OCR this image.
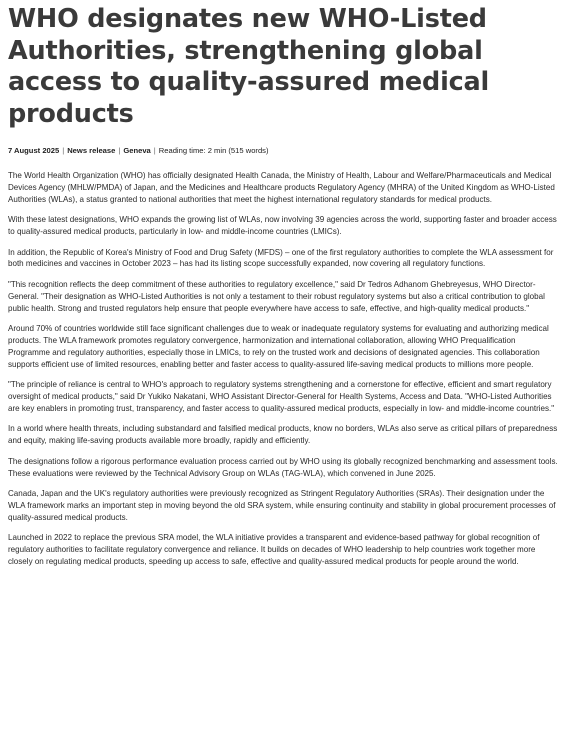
WHO designates new WHO-Listed Authorities, strengthening global access to quality-assured medical products
7 August 2025 | News release | Geneva | Reading time: 2 min (515 words)

The World Health Organization (WHO) has officially designated Health Canada, the Ministry of Health, Labour and Welfare/Pharmaceuticals and Medical Devices Agency (MHLW/PMDA) of Japan, and the Medicines and Healthcare products Regulatory Agency (MHRA) of the United Kingdom as WHO-Listed Authorities (WLAs), a status granted to national authorities that meet the highest international regulatory standards for medical products.

With these latest designations, WHO expands the growing list of WLAs, now involving 39 agencies across the world, supporting faster and broader access to quality-assured medical products, particularly in low- and middle-income countries (LMICs).

In addition, the Republic of Korea's Ministry of Food and Drug Safety (MFDS) – one of the first regulatory authorities to complete the WLA assessment for both medicines and vaccines in October 2023 – has had its listing scope successfully expanded, now covering all regulatory functions.

"This recognition reflects the deep commitment of these authorities to regulatory excellence," said Dr Tedros Adhanom Ghebreyesus, WHO Director-General. "Their designation as WHO-Listed Authorities is not only a testament to their robust regulatory systems but also a critical contribution to global public health. Strong and trusted regulators help ensure that people everywhere have access to safe, effective, and high-quality medical products."

Around 70% of countries worldwide still face significant challenges due to weak or inadequate regulatory systems for evaluating and authorizing medical products. The WLA framework promotes regulatory convergence, harmonization and international collaboration, allowing WHO Prequalification Programme and regulatory authorities, especially those in LMICs, to rely on the trusted work and decisions of designated agencies. This collaboration supports efficient use of limited resources, enabling better and faster access to quality-assured life-saving medical products to millions more people.

"The principle of reliance is central to WHO's approach to regulatory systems strengthening and a cornerstone for effective, efficient and smart regulatory oversight of medical products," said Dr Yukiko Nakatani, WHO Assistant Director-General for Health Systems, Access and Data. "WHO-Listed Authorities are key enablers in promoting trust, transparency, and faster access to quality-assured medical products, especially in low- and middle-income countries."

In a world where health threats, including substandard and falsified medical products, know no borders, WLAs also serve as critical pillars of preparedness and equity, making life-saving products available more broadly, rapidly and efficiently.

The designations follow a rigorous performance evaluation process carried out by WHO using its globally recognized benchmarking and assessment tools. These evaluations were reviewed by the Technical Advisory Group on WLAs (TAG-WLA), which convened in June 2025.

Canada, Japan and the UK's regulatory authorities were previously recognized as Stringent Regulatory Authorities (SRAs). Their designation under the WLA framework marks an important step in moving beyond the old SRA system, while ensuring continuity and stability in global procurement processes of quality-assured medical products.

Launched in 2022 to replace the previous SRA model, the WLA initiative provides a transparent and evidence-based pathway for global recognition of regulatory authorities to facilitate regulatory convergence and reliance. It builds on decades of WHO leadership to help countries work together more closely on regulating medical products, speeding up access to safe, effective and quality-assured medical products for people around the world.
